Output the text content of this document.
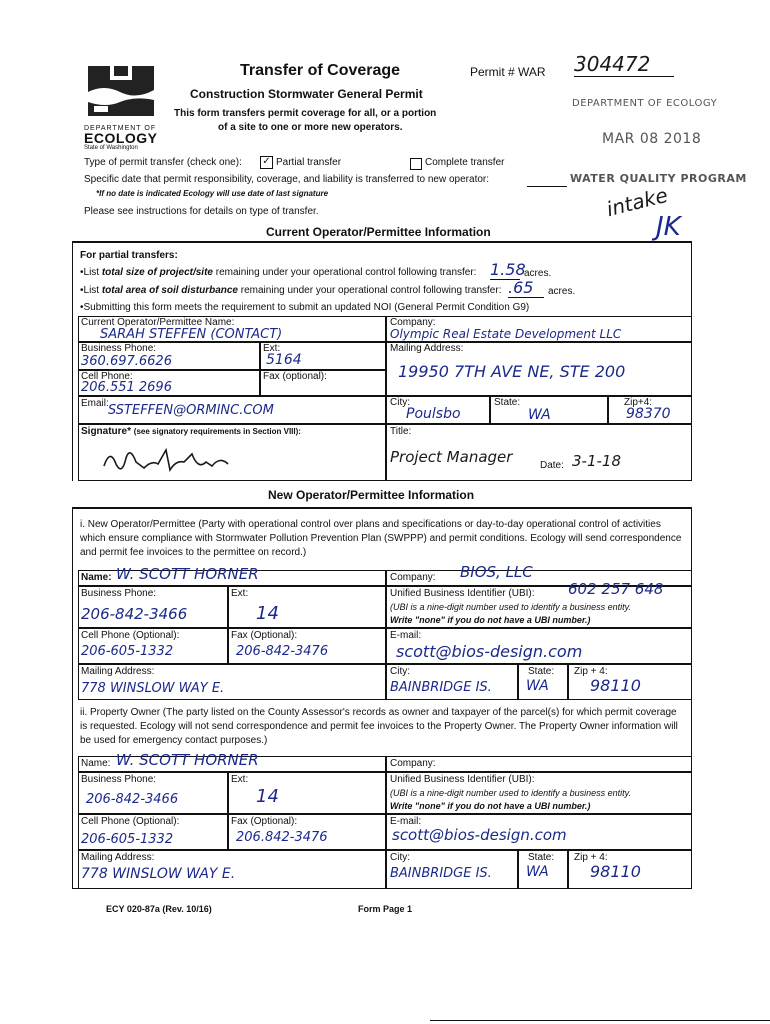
DEPARTMENT OF
ECOLOGY
State of Washington
Transfer of Coverage	Permit # WAR 304472
Construction Stormwater General Permit
This form transfers permit coverage for all, or a portion
of a site to one or more new operators.
DEPARTMENT OF ECOLOGY
MAR 08 2018
WATER QUALITY PROGRAM
intake
JK
Type of permit transfer (check one): ✓ Partial transfer	Complete transfer
Specific date that permit responsibility, coverage, and liability is transferred to new operator:
*If no date is indicated Ecology will use date of last signature
Please see instructions for details on type of transfer.
Current Operator/Permittee Information
For partial transfers:
•List total size of project/site remaining under your operational control following transfer: 1.58
acres.
•List total area of soil disturbance remaining under your operational control following transfer: .65	acres.
•Submitting this form meets the requirement to submit an updated NOI (General Permit Condition G9)
Current Operator/Permittee Name:
SARAH STEFFEN (CONTACT)
Company:
Olympic Real Estate Development LLC
Business Phone:
360.697.6626
Ext:
5164
Mailing Address:
19950 7TH AVE NE, STE 200
Cell Phone:
206.551 2696
Fax (optional):
Email: SSTEFFEN@ORMINC.COM
City:
Poulsbo
State:
WA
Zip+4:
98370
Signature* (see signatory requirements in Section VIII):	Title:
Project Manager	Date: 3-1-18
New Operator/Permittee Information
i. New Operator/Permittee (Party with operational control over plans and specifications or day-to-day operational control of activities which ensure compliance with Stormwater Pollution Prevention Plan (SWPPP) and permit conditions. Ecology will send correspondence and permit fee invoices to the permittee on record.)
Name: W. SCOTT HORNER	Company: BIOS, LLC
Business Phone:
206-842-3466
Ext:
14
Unified Business Identifier (UBI): 602 257 648
(UBI is a nine-digit number used to identify a business entity.
Write "none" if you do not have a UBI number.)
Cell Phone (Optional):
206-605-1332
Fax (Optional):
206-842-3476
E-mail:
scott@bios-design.com
Mailing Address:
778 WINSLOW WAY E.
City:
BAINBRIDGE IS.
State:
WA
Zip + 4:
98110
ii. Property Owner (The party listed on the County Assessor's records as owner and taxpayer of the parcel(s) for which permit coverage is requested. Ecology will not send correspondence and permit fee invoices to the Property Owner. The Property Owner information will be used for emergency contact purposes.)
Name: W. SCOTT HORNER	Company:
Business Phone:
206-842-3466
Ext:
14
Unified Business Identifier (UBI):
(UBI is a nine-digit number used to identify a business entity.
Write "none" if you do not have a UBI number.)
Cell Phone (Optional):
206-605-1332
Fax (Optional):
206.842-3476
E-mail:
scott@bios-design.com
Mailing Address:
778 WINSLOW WAY E.
City:
BAINBRIDGE IS.
State:
WA
Zip + 4:
98110
ECY 020-87a (Rev. 10/16)	Form Page 1
